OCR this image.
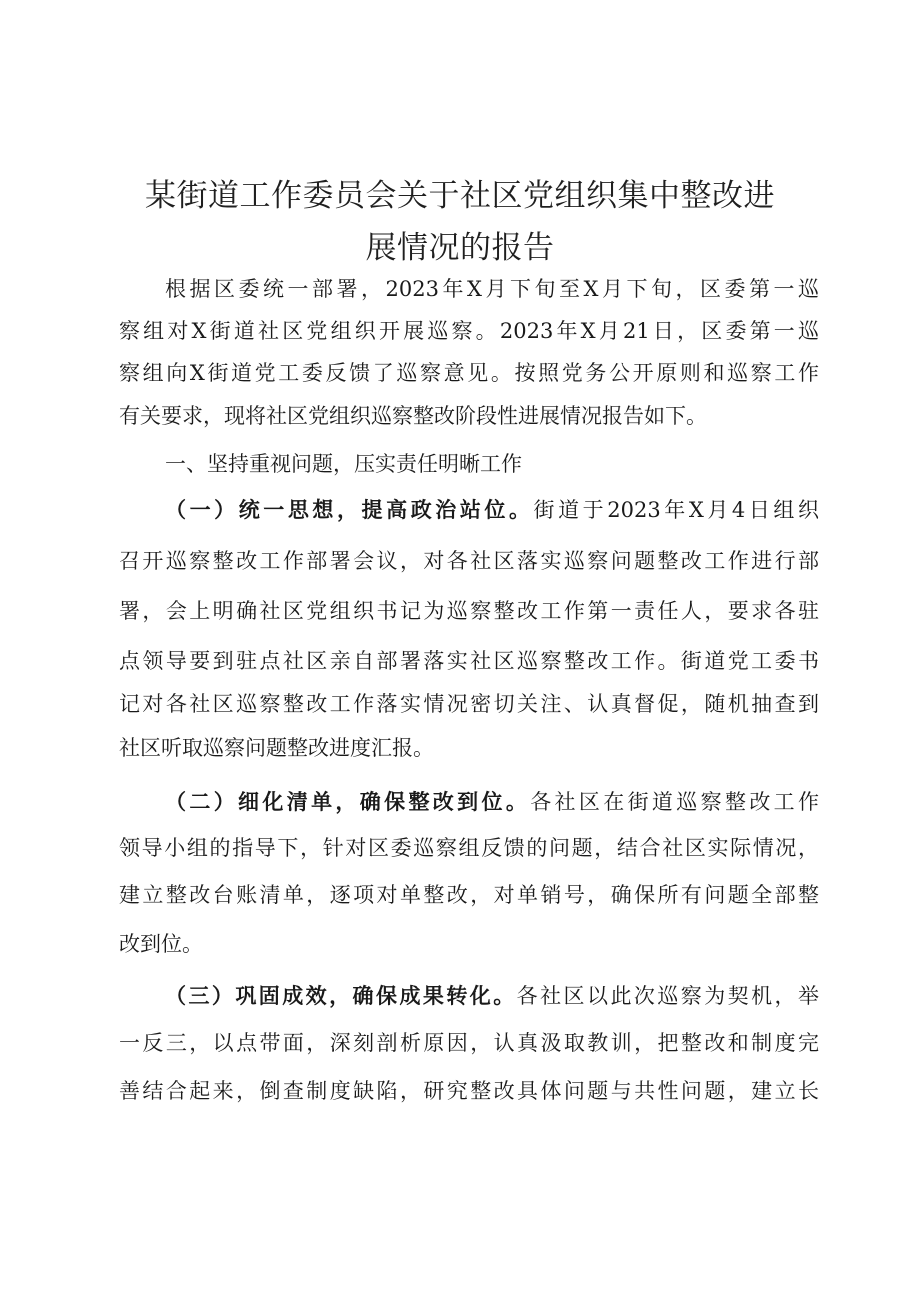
某街道工作委员会关于社区党组织集中整改进
展情况的报告
根据区委统一部署，2023年X月下旬至X月下旬，区委第一巡
察组对X街道社区党组织开展巡察。2023年X月21日，区委第一巡
察组向X街道党工委反馈了巡察意见。按照党务公开原则和巡察工作
有关要求，现将社区党组织巡察整改阶段性进展情况报告如下。
一、坚持重视问题，压实责任明晰工作
（一）统一思想，提高政治站位。街道于2023年X月4日组织
召开巡察整改工作部署会议，对各社区落实巡察问题整改工作进行部
署，会上明确社区党组织书记为巡察整改工作第一责任人，要求各驻
点领导要到驻点社区亲自部署落实社区巡察整改工作。街道党工委书
记对各社区巡察整改工作落实情况密切关注、认真督促，随机抽查到
社区听取巡察问题整改进度汇报。
（二）细化清单，确保整改到位。各社区在街道巡察整改工作
领导小组的指导下，针对区委巡察组反馈的问题，结合社区实际情况，
建立整改台账清单，逐项对单整改，对单销号，确保所有问题全部整
改到位。
（三）巩固成效，确保成果转化。各社区以此次巡察为契机，举
一反三，以点带面，深刻剖析原因，认真汲取教训，把整改和制度完
善结合起来，倒查制度缺陷，研究整改具体问题与共性问题，建立长
